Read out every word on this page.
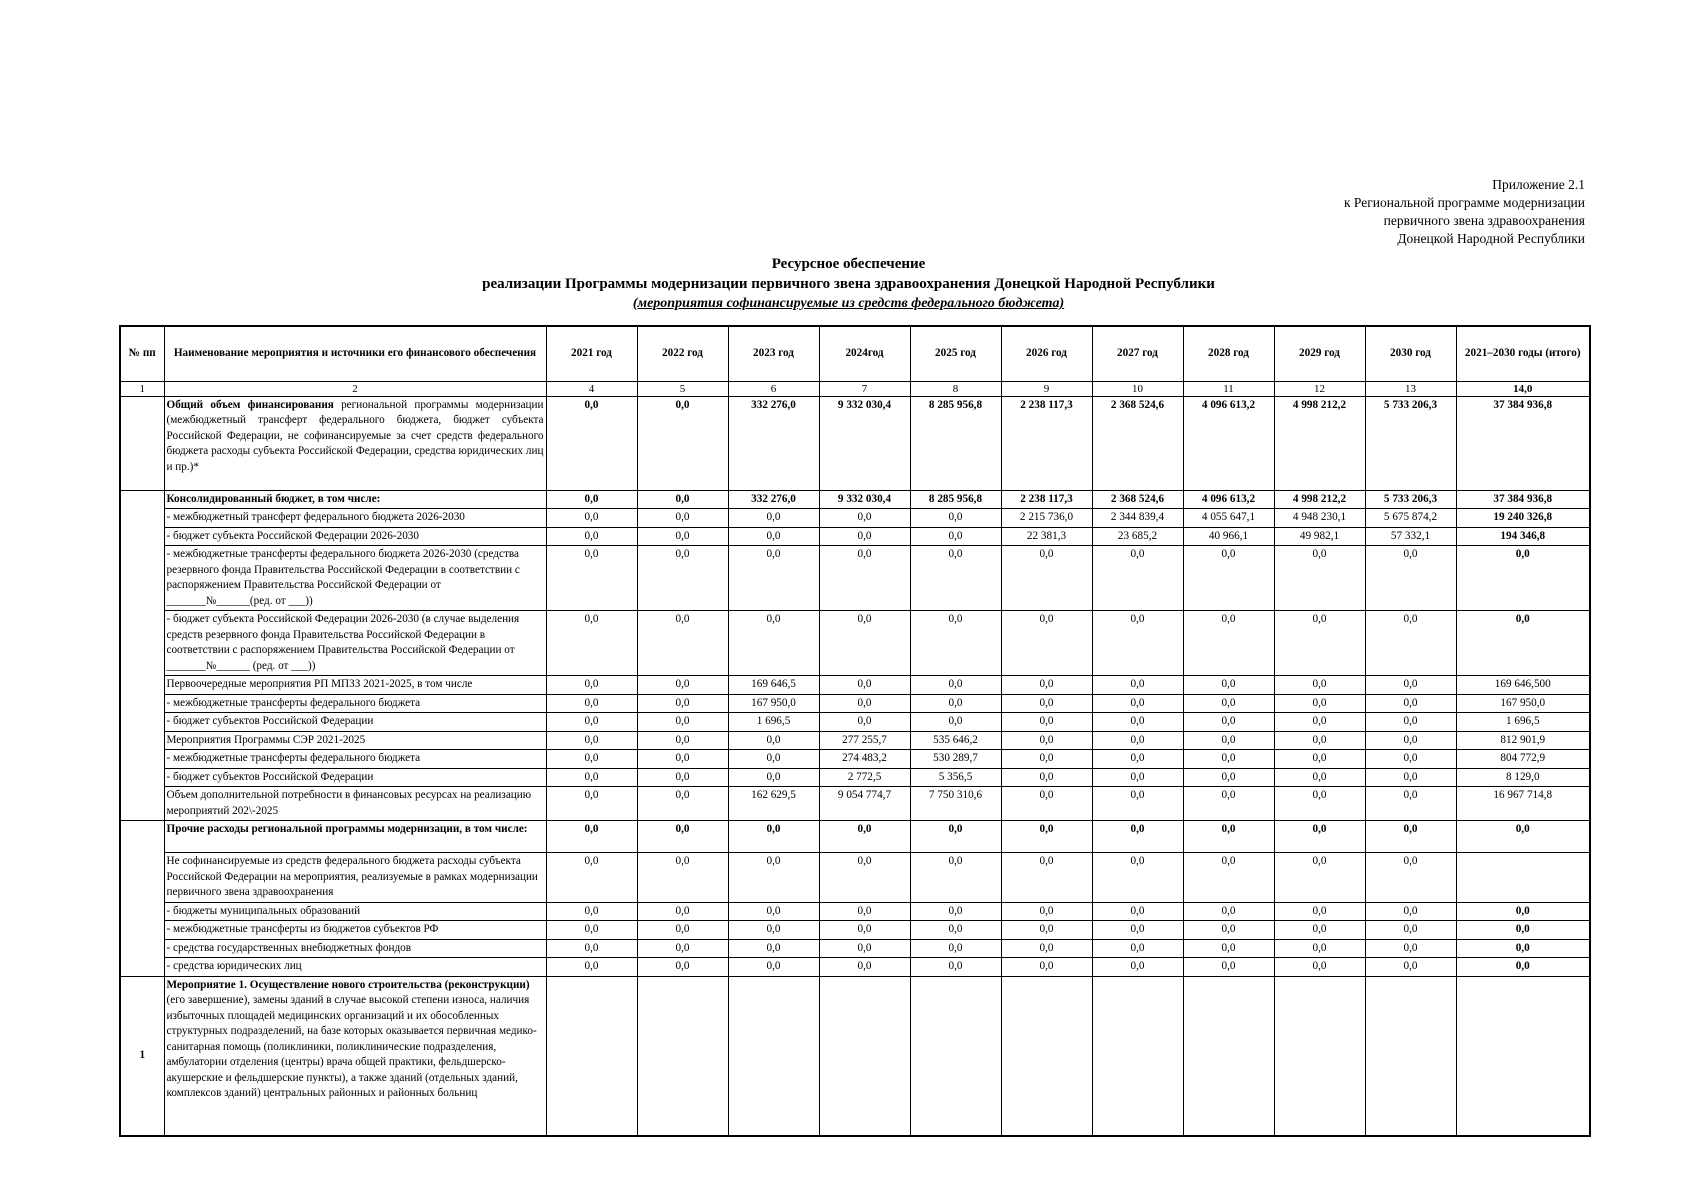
Приложение 2.1
к Региональной программе модернизации
первичного звена здравоохранения
Донецкой Народной Республики
Ресурсное обеспечение
реализации Программы модернизации первичного звена здравоохранения Донецкой Народной Республики
(мероприятия софинансируемые из средств федерального бюджета)
№ пп	Наименование мероприятия и источники его финансового обеспечения	2021 год	2022 год	2023 год	2024год	2025 год	2026 год	2027 год	2028 год	2029 год	2030 год	2021–2030 годы (итого)
1	2	4	5	6	7	8	9	10	11	12	13	14,0
	Общий объем финансирования региональной программы модернизации (межбюджетный трансферт федерального бюджета, бюджет субъекта Российской Федерации, не софинансируемые за счет средств федерального бюджета расходы субъекта Российской Федерации, средства юридических лиц и пр.)*	0,0	0,0	332 276,0	9 332 030,4	8 285 956,8	2 238 117,3	2 368 524,6	4 096 613,2	4 998 212,2	5 733 206,3	37 384 936,8
	Консолидированный бюджет, в том числе:	0,0	0,0	332 276,0	9 332 030,4	8 285 956,8	2 238 117,3	2 368 524,6	4 096 613,2	4 998 212,2	5 733 206,3	37 384 936,8
	- межбюджетный трансферт федерального бюджета 2026-2030	0,0	0,0	0,0	0,0	0,0	2 215 736,0	2 344 839,4	4 055 647,1	4 948 230,1	5 675 874,2	19 240 326,8
	- бюджет субъекта Российской Федерации 2026-2030	0,0	0,0	0,0	0,0	0,0	22 381,3	23 685,2	40 966,1	49 982,1	57 332,1	194 346,8
	- межбюджетные трансферты федерального бюджета 2026-2030 (средства резервного фонда Правительства Российской Федерации в соответствии с распоряжением Правительства Российской Федерации от _______№______(ред. от ___))	0,0	0,0	0,0	0,0	0,0	0,0	0,0	0,0	0,0	0,0	0,0
	- бюджет субъекта Российской Федерации 2026-2030 (в случае выделения средств резервного фонда Правительства Российской Федерации в соответствии с распоряжением Правительства Российской Федерации от _______№______ (ред. от ___))	0,0	0,0	0,0	0,0	0,0	0,0	0,0	0,0	0,0	0,0	0,0
	Первоочередные мероприятия РП МПЗЗ 2021-2025, в том числе	0,0	0,0	169 646,5	0,0	0,0	0,0	0,0	0,0	0,0	0,0	169 646,500
	- межбюджетные трансферты федерального бюджета	0,0	0,0	167 950,0	0,0	0,0	0,0	0,0	0,0	0,0	0,0	167 950,0
	- бюджет субъектов Российской Федерации	0,0	0,0	1 696,5	0,0	0,0	0,0	0,0	0,0	0,0	0,0	1 696,5
	Мероприятия Программы СЭР 2021-2025	0,0	0,0	0,0	277 255,7	535 646,2	0,0	0,0	0,0	0,0	0,0	812 901,9
	- межбюджетные трансферты федерального бюджета	0,0	0,0	0,0	274 483,2	530 289,7	0,0	0,0	0,0	0,0	0,0	804 772,9
	- бюджет субъектов Российской Федерации	0,0	0,0	0,0	2 772,5	5 356,5	0,0	0,0	0,0	0,0	0,0	8 129,0
	Объем дополнительной потребности в финансовых ресурсах на реализацию мероприятий 202\-2025	0,0	0,0	162 629,5	9 054 774,7	7 750 310,6	0,0	0,0	0,0	0,0	0,0	16 967 714,8
	Прочие расходы региональной программы модернизации, в том числе:	0,0	0,0	0,0	0,0	0,0	0,0	0,0	0,0	0,0	0,0	0,0
	Не софинансируемые из средств федерального бюджета расходы субъекта Российской Федерации на мероприятия, реализуемые в рамках модернизации первичного звена здравоохранения	0,0	0,0	0,0	0,0	0,0	0,0	0,0	0,0	0,0	0,0	
	- бюджеты муниципальных образований	0,0	0,0	0,0	0,0	0,0	0,0	0,0	0,0	0,0	0,0	0,0
	- межбюджетные трансферты из бюджетов субъектов РФ	0,0	0,0	0,0	0,0	0,0	0,0	0,0	0,0	0,0	0,0	0,0
	- средства государственных внебюджетных фондов	0,0	0,0	0,0	0,0	0,0	0,0	0,0	0,0	0,0	0,0	0,0
	- средства юридических лиц	0,0	0,0	0,0	0,0	0,0	0,0	0,0	0,0	0,0	0,0	0,0
1	Мероприятие 1. Осуществление нового строительства (реконструкции) (его завершение), замены зданий в случае высокой степени износа, наличия избыточных площадей медицинских организаций и их обособленных структурных подразделений, на базе которых оказывается первичная медико-санитарная помощь (поликлиники, поликлинические подразделения, амбулатории отделения (центры) врача общей практики, фельдшерско-акушерские и фельдшерские пункты), а также зданий (отдельных зданий, комплексов зданий) центральных районных и районных больниц											
